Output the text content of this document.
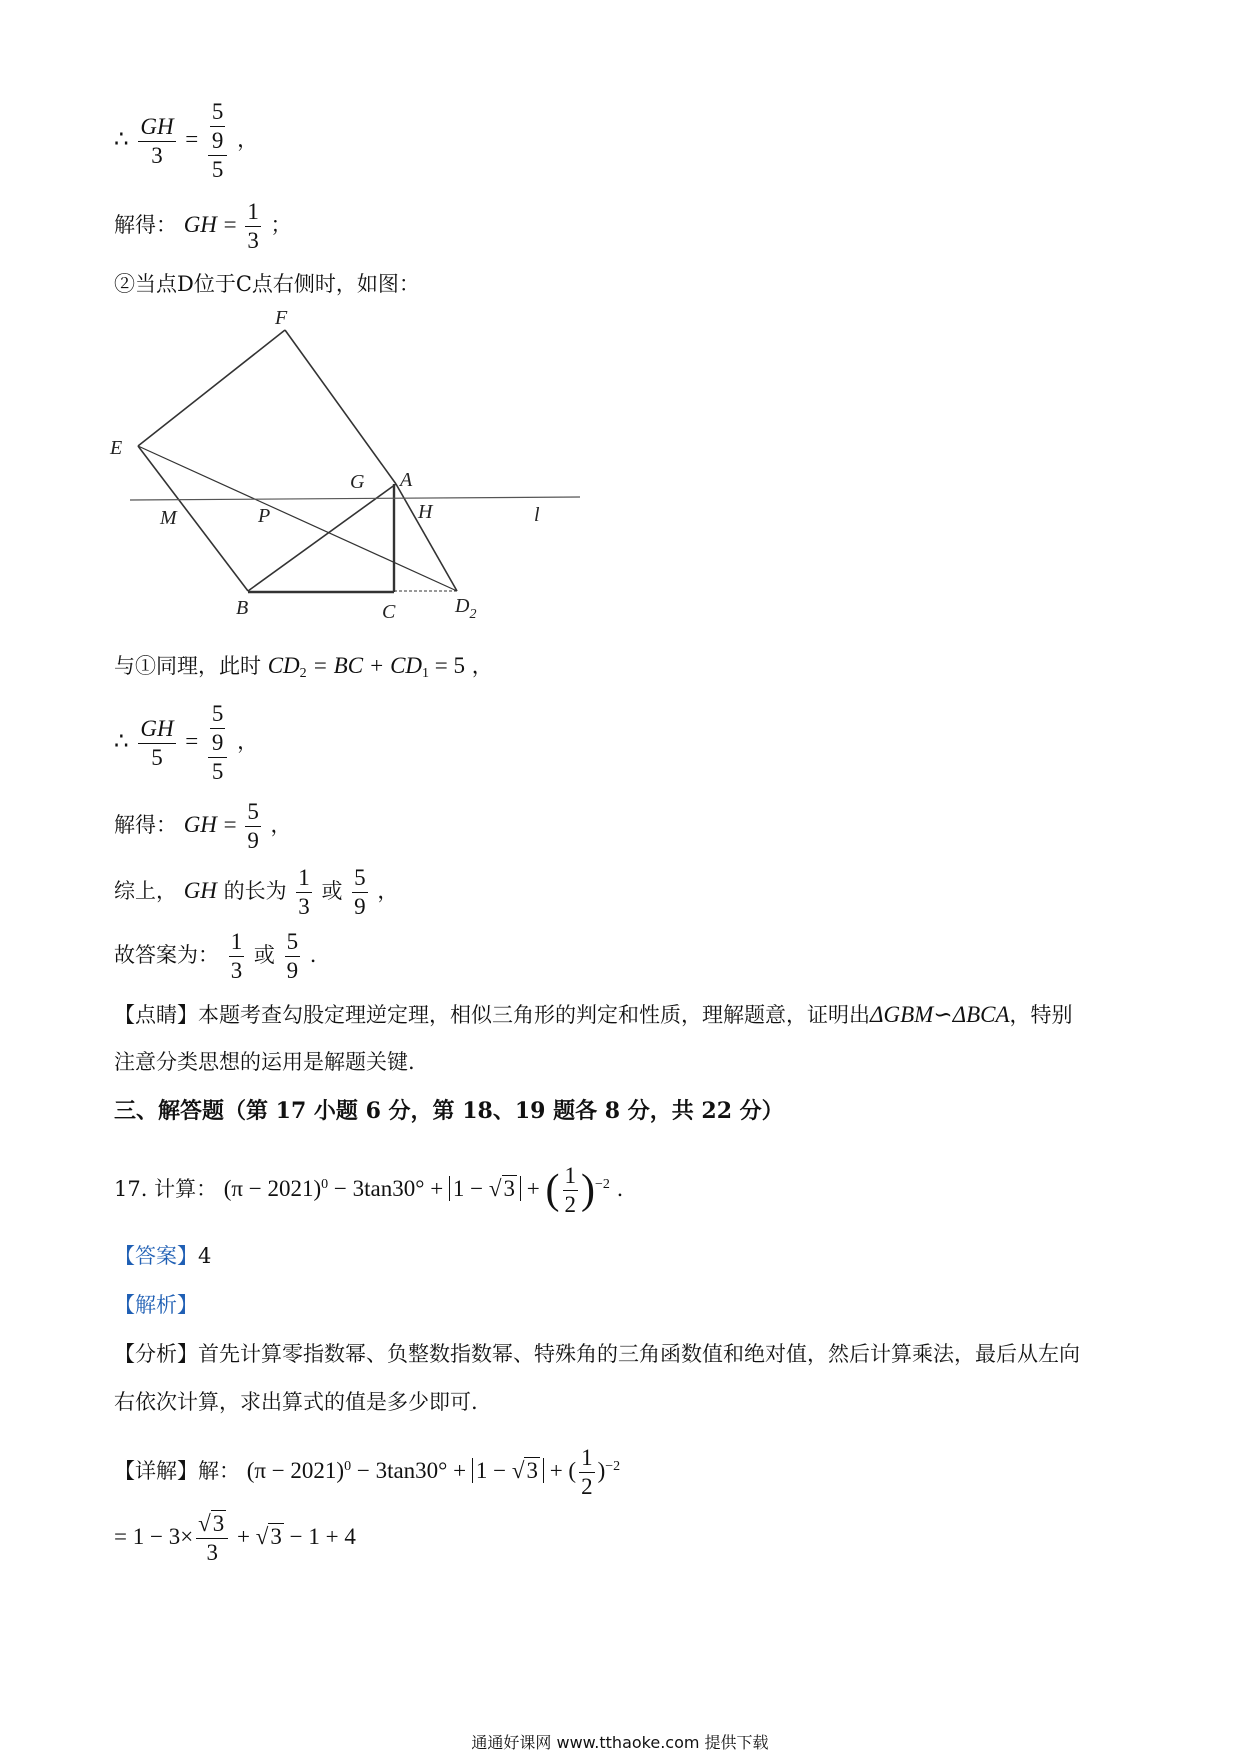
∴ $\frac{GH}{3} = \frac{\frac{5}{9}}{5}$ ，
解得： GH = $\frac{1}{3}$ ；
②当点D位于C点右侧时，如图：
F
E
G A
M	P	H	l
B	C	$D_2$
与①同理，此时 $CD_2$ = BC + $CD_1 = 5$ ，
∴ $\frac{GH}{5} = \frac{\frac{5}{9}}{5}$ ，
解得： GH = $\frac{5}{9}$ ，
综上， GH 的长为 $\frac{1}{3}$ 或 $\frac{5}{9}$ ，
故答案为： $\frac{1}{3}$ 或 $\frac{5}{9}$ .
【点睛】本题考查勾股定理逆定理，相似三角形的判定和性质，理解题意，证明出ΔGBM∽ΔBCA，特别
注意分类思想的运用是解题关键.
三、解答题（第 17 小题 6 分，第 18、19 题各 8 分，共 22 分）
17. 计算： $(\pi - 2021)^0 - 3\tan 30^\circ + 1 - √3$ + ( $\frac{1}{2} )^{-2}$ .
【答案】4
【解析】
【分析】首先计算零指数幂、负整数指数幂、特殊角的三角函数值和绝对值，然后计算乘法，最后从左向
右依次计算，求出算式的值是多少即可.
【详解】解： $(\pi - 2021)^0 - 3\tan 30^\circ + 1 - √3$ + ( $\frac{1}{2} )^{-2}$
= $1 - 3\times \frac{√3}{3} + √3 - 1 + 4$
通通好课网 www.tthaoke.com 提供下载
